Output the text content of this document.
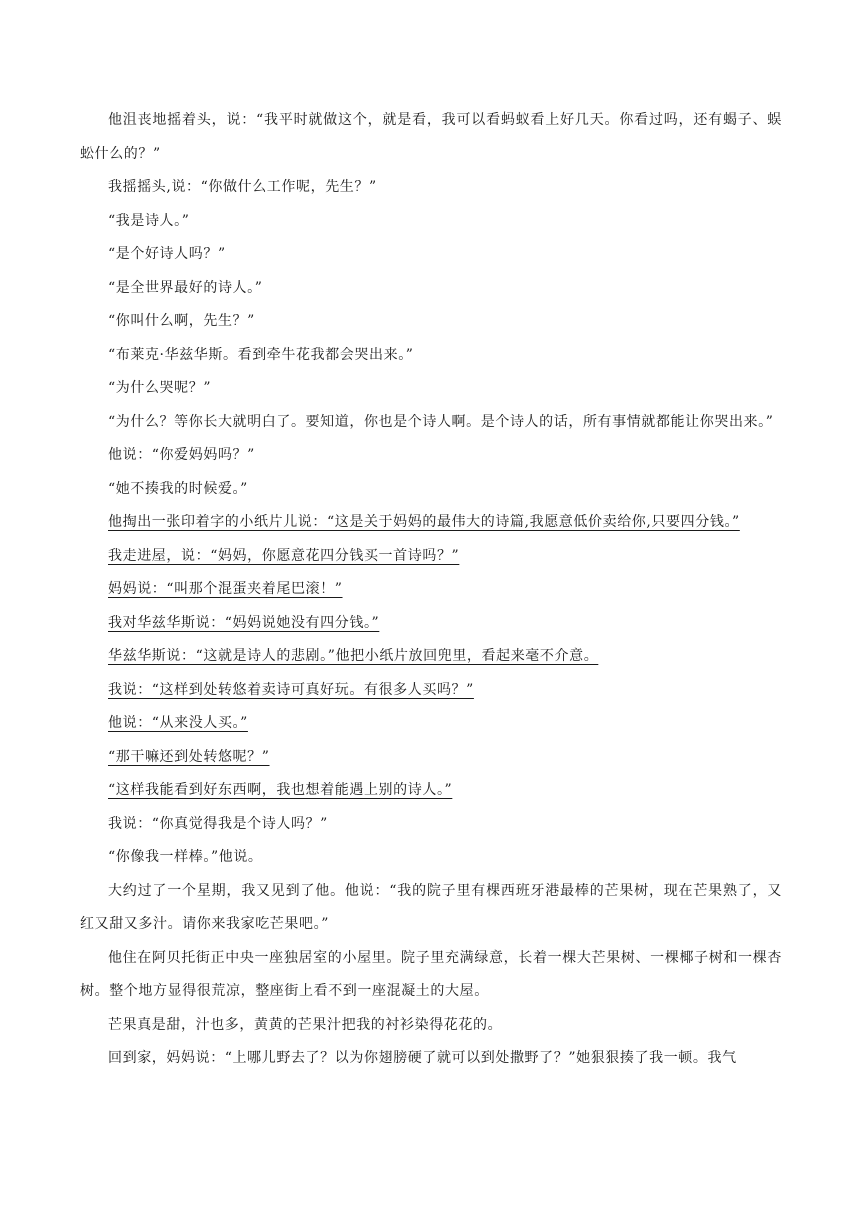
他沮丧地摇着头，说：“我平时就做这个，就是看，我可以看蚂蚁看上好几天。你看过吗，还有蝎子、蜈蚣什么的？”

我摇摇头,说：“你做什么工作呢，先生？”

“我是诗人。”

“是个好诗人吗？”

“是全世界最好的诗人。”

“你叫什么啊，先生？”

“布莱克·华兹华斯。看到牵牛花我都会哭出来。”

“为什么哭呢？”

“为什么？等你长大就明白了。要知道，你也是个诗人啊。是个诗人的话，所有事情就都能让你哭出来。”

他说：“你爱妈妈吗？”

“她不揍我的时候爱。”

他掏出一张印着字的小纸片儿说：“这是关于妈妈的最伟大的诗篇,我愿意低价卖给你,只要四分钱。”

我走进屋，说：“妈妈，你愿意花四分钱买一首诗吗？”

妈妈说：“叫那个混蛋夹着尾巴滚！”

我对华兹华斯说：“妈妈说她没有四分钱。”

华兹华斯说：“这就是诗人的悲剧。”他把小纸片放回兜里，看起来毫不介意。

我说：“这样到处转悠着卖诗可真好玩。有很多人买吗？”

他说：“从来没人买。”

“那干嘛还到处转悠呢？”

“这样我能看到好东西啊，我也想着能遇上别的诗人。”

我说：“你真觉得我是个诗人吗？”

“你像我一样棒。”他说。

大约过了一个星期，我又见到了他。他说：“我的院子里有棵西班牙港最棒的芒果树，现在芒果熟了，又红又甜又多汁。请你来我家吃芒果吧。”

他住在阿贝托街正中央一座独居室的小屋里。院子里充满绿意，长着一棵大芒果树、一棵椰子树和一棵杏树。整个地方显得很荒凉，整座街上看不到一座混凝土的大屋。

芒果真是甜，汁也多，黄黄的芒果汁把我的衬衫染得花花的。

回到家，妈妈说：“上哪儿野去了？以为你翅膀硬了就可以到处撒野了？”她狠狠揍了我一顿。我气
